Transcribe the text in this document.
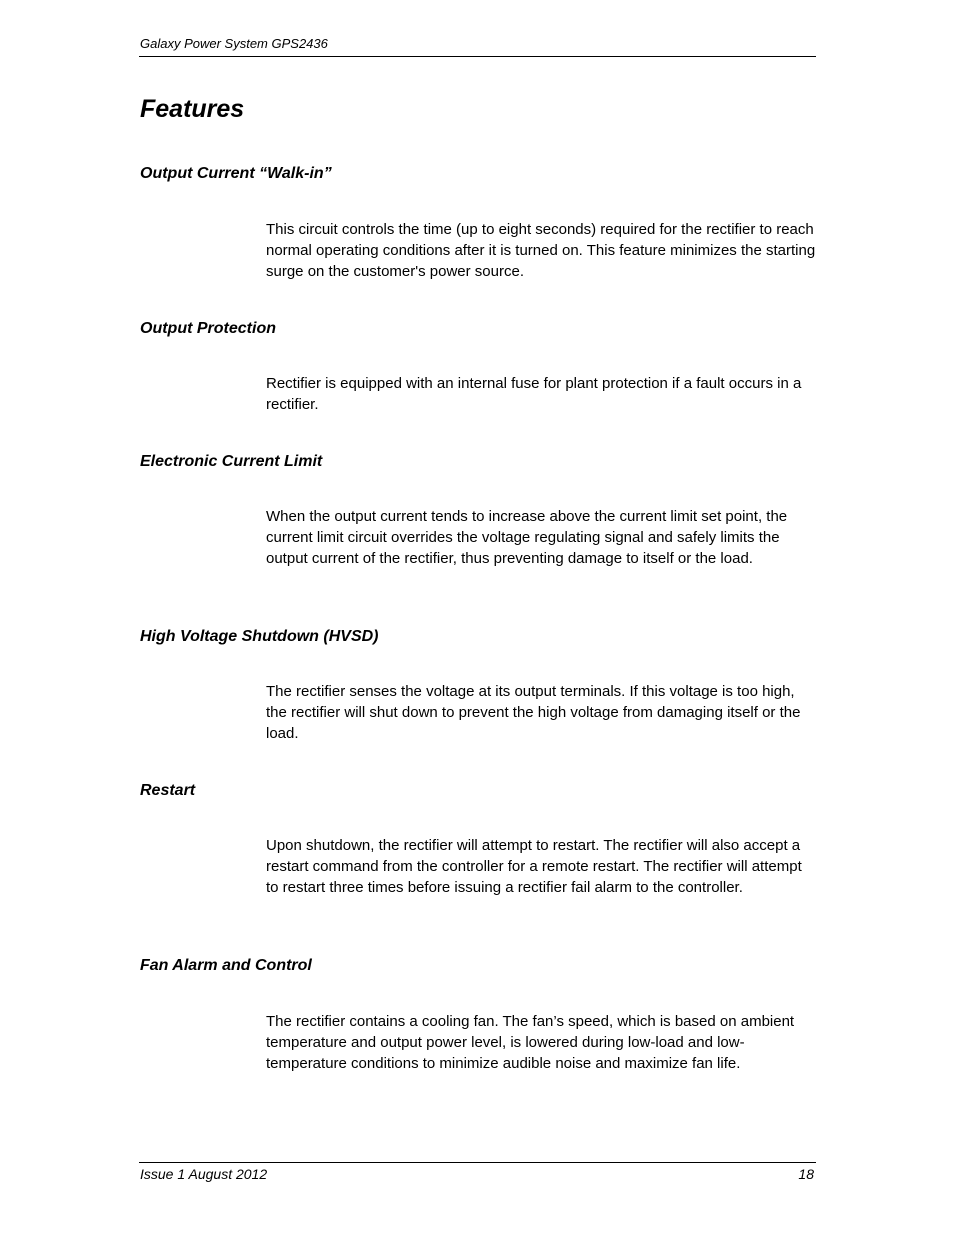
Galaxy Power System GPS2436
Features
Output Current “Walk-in”

This circuit controls the time (up to eight seconds) required for the rectifier to reach normal operating conditions after it is turned on. This feature minimizes the starting surge on the customer's power source.

Output Protection

Rectifier is equipped with an internal fuse for plant protection if a fault occurs in a rectifier.

Electronic Current Limit

When the output current tends to increase above the current limit set point, the current limit circuit overrides the voltage regulating signal and safely limits the output current of the rectifier, thus preventing damage to itself or the load.

High Voltage Shutdown (HVSD)

The rectifier senses the voltage at its output terminals. If this voltage is too high, the rectifier will shut down to prevent the high voltage from damaging itself or the load.

Restart

Upon shutdown, the rectifier will attempt to restart. The rectifier will also accept a restart command from the controller for a remote restart. The rectifier will attempt to restart three times before issuing a rectifier fail alarm to the controller.

Fan Alarm and Control

The rectifier contains a cooling fan. The fan’s speed, which is based on ambient temperature and output power level, is lowered during low-load and low-temperature conditions to minimize audible noise and maximize fan life.

Issue 1 August 2012	18
